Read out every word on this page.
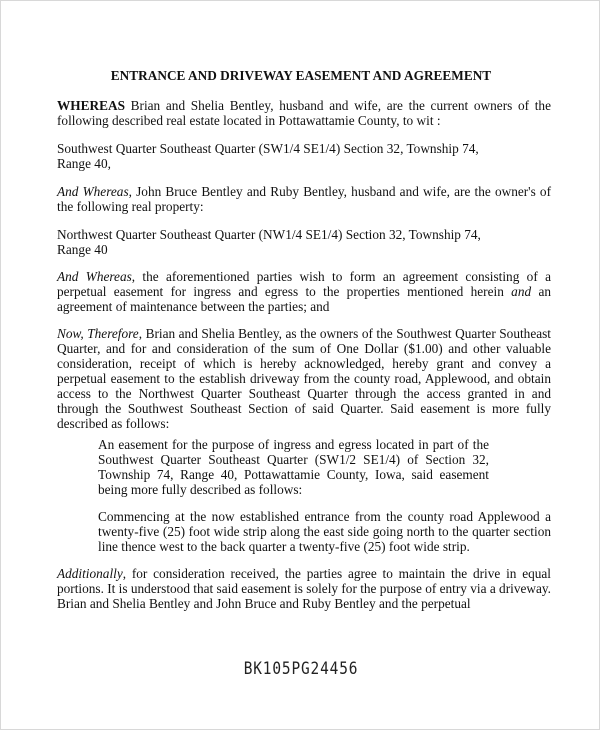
ENTRANCE AND DRIVEWAY EASEMENT AND AGREEMENT
WHEREAS Brian and Shelia Bentley, husband and wife, are the current owners of the following described real estate located in Pottawattamie County, to wit :
Southwest Quarter Southeast Quarter (SW1/4 SE1/4) Section 32, Township 74,
Range 40,
And Whereas, John Bruce Bentley and Ruby Bentley, husband and wife, are the owner's of the following real property:
Northwest Quarter Southeast Quarter (NW1/4 SE1/4) Section 32, Township 74,
Range 40
And Whereas, the aforementioned parties wish to form an agreement consisting of a perpetual easement for ingress and egress to the properties mentioned herein and an agreement of maintenance between the parties; and
Now, Therefore, Brian and Shelia Bentley, as the owners of the Southwest Quarter Southeast Quarter, and for and consideration of the sum of One Dollar ($1.00) and other valuable consideration, receipt of which is hereby acknowledged, hereby grant and convey a perpetual easement to the establish driveway from the county road, Applewood, and obtain access to the Northwest Quarter Southeast Quarter through the access granted in and through the Southwest Southeast Section of said Quarter. Said easement is more fully described as follows:
An easement for the purpose of ingress and egress located in part of the Southwest Quarter Southeast Quarter (SW1/2 SE1/4) of Section 32, Township 74, Range 40, Pottawattamie County, Iowa, said easement being more fully described as follows:
Commencing at the now established entrance from the county road Applewood a twenty-five (25) foot wide strip along the east side going north to the quarter section line thence west to the back quarter a twenty-five (25) foot wide strip.
Additionally, for consideration received, the parties agree to maintain the drive in equal portions. It is understood that said easement is solely for the purpose of entry via a driveway. Brian and Shelia Bentley and John Bruce and Ruby Bentley and the perpetual
BK105PG24456
